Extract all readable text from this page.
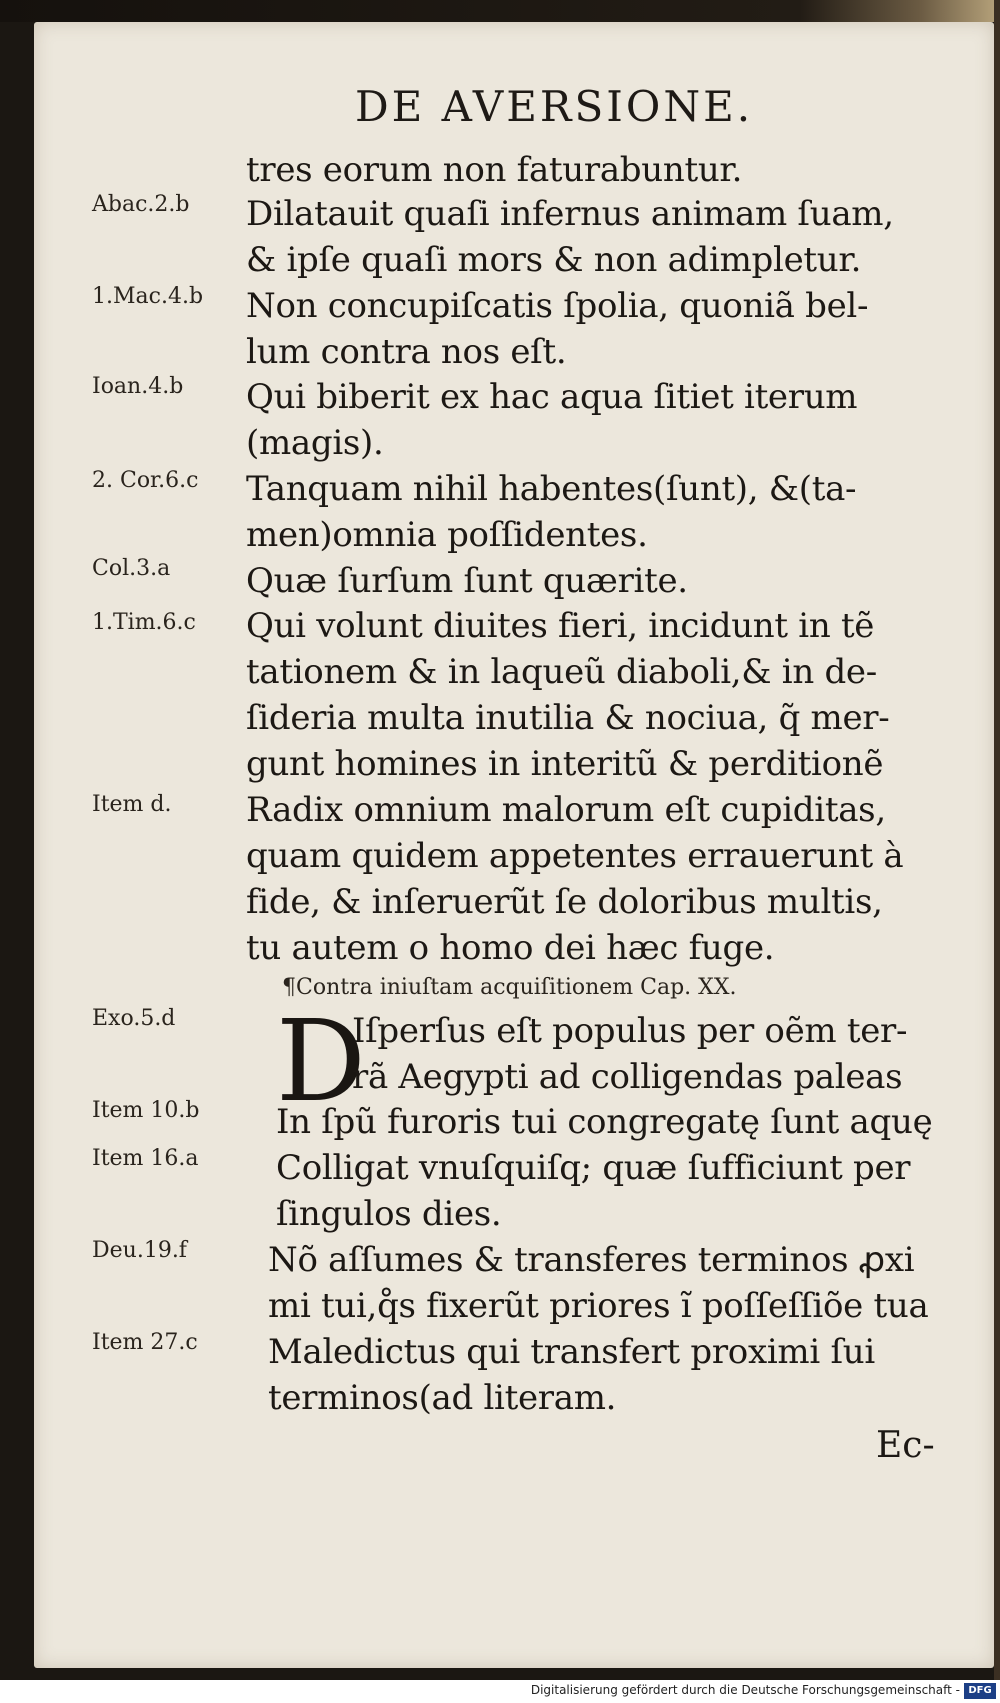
DE AVERSIONE.
tres eorum non faturabuntur.
Abac.2.b Dilatauit quaſi infernus animam ſuam,
& ipſe quaſi mors & non adimpletur.
1.Mac.4.b Non concupiſcatis ſpolia, quoniã bel-
lum contra nos eſt.
Ioan.4.b Qui biberit ex hac aqua ſitiet iterum
(magis).
2. Cor.6.c Tanquam nihil habentes(ſunt), &(ta-
men)omnia poſſidentes.
Col.3.a Quæ ſurſum ſunt quærite.
1.Tim.6.c Qui volunt diuites fieri, incidunt in tẽ
tationem & in laqueũ diaboli,& in de-
ſideria multa inutilia & nociua, q̃ mer-
gunt homines in interitũ & perditionẽ
Item d. Radix omnium malorum eſt cupiditas,
quam quidem appetentes errauerunt à
fide, & inſeruerũt ſe doloribus multis,
tu autem o homo dei hæc fuge.
¶Contra iniuſtam acquiſitionem Cap. XX.
D
Exo.5.d	Iſperſus eſt populus per oẽm ter-
rã Aegypti ad colligendas paleas
Item 10.b In ſpũ furoris tui congregatę ſunt aquę
Item 16.a Colligat vnuſquiſq; quæ ſufficiunt per
ſingulos dies.
Deu.19.f Nõ aſſumes & transferes terminos ꝓxi
mi tui,q̊s fixerũt priores ĩ poſſeſſiõe tua
Item 27.c Maledictus qui transfert proximi ſui
terminos(ad literam.
Ec-
Digitalisierung gefördert durch die Deutsche Forschungsgemeinschaft - DFG
